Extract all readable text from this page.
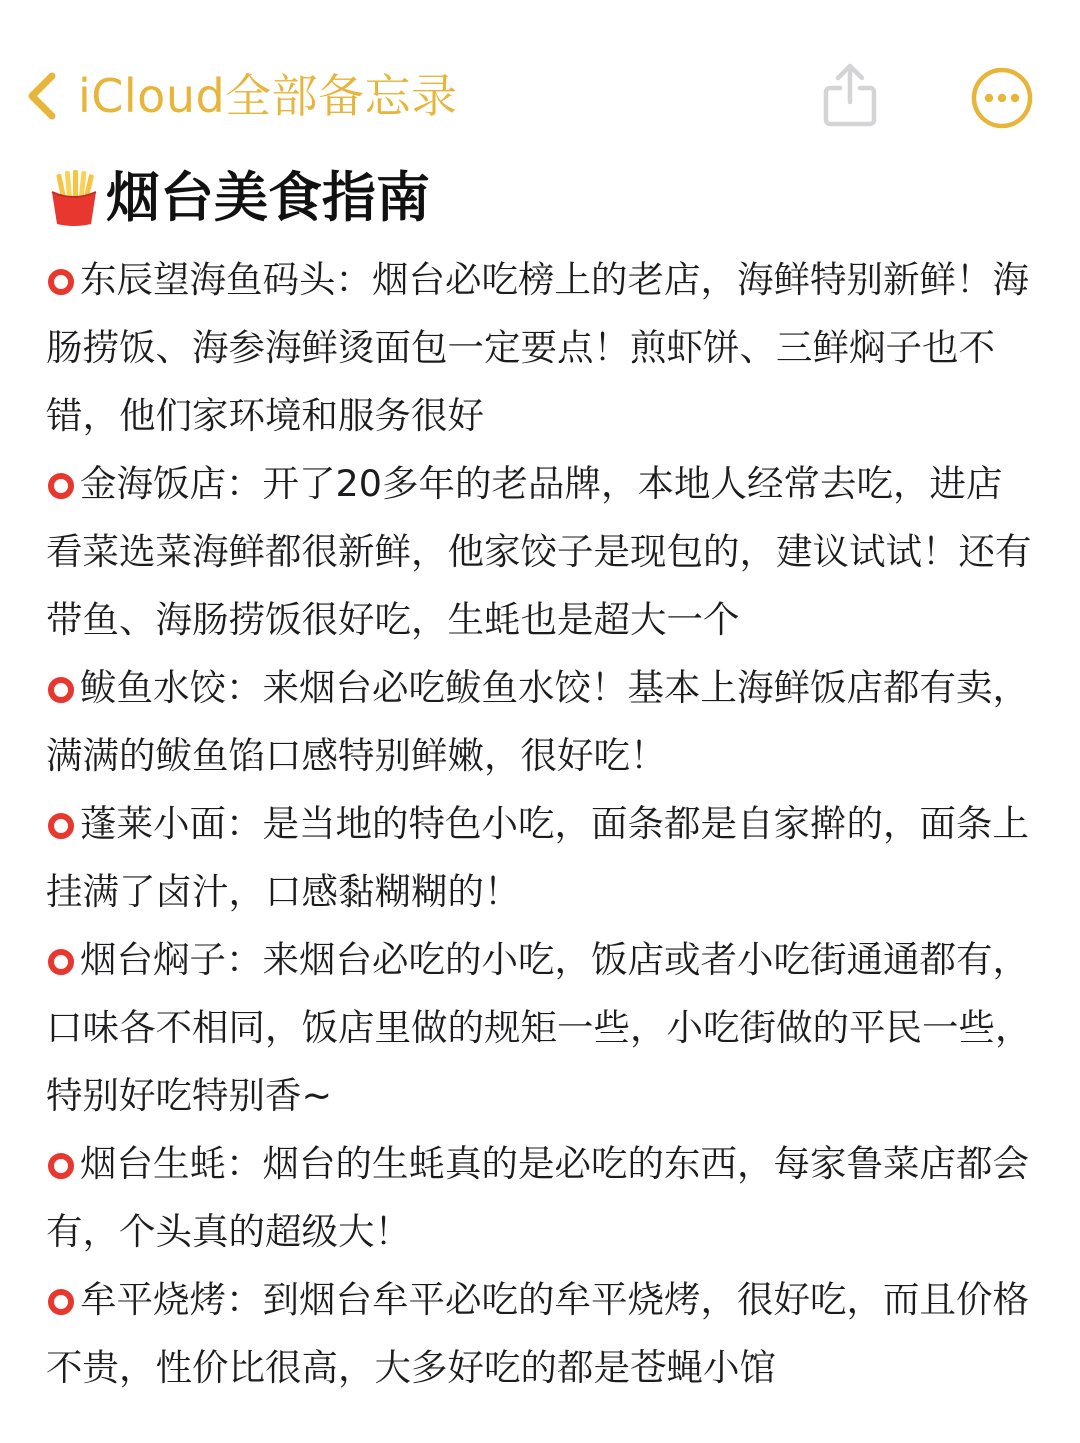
iCloud全部备忘录
烟台美食指南

东辰望海鱼码头：烟台必吃榜上的老店，海鲜特别新鲜！海肠捞饭、海参海鲜烫面包一定要点！煎虾饼、三鲜焖子也不错，他们家环境和服务很好

金海饭店：开了20多年的老品牌，本地人经常去吃，进店看菜选菜海鲜都很新鲜，他家饺子是现包的，建议试试！还有带鱼、海肠捞饭很好吃，生蚝也是超大一个

鲅鱼水饺：来烟台必吃鲅鱼水饺！基本上海鲜饭店都有卖，满满的鲅鱼馅口感特别鲜嫩，很好吃！

蓬莱小面：是当地的特色小吃，面条都是自家擀的，面条上挂满了卤汁，口感黏糊糊的！

烟台焖子：来烟台必吃的小吃，饭店或者小吃街通通都有，口味各不相同，饭店里做的规矩一些，小吃街做的平民一些，特别好吃特别香~

烟台生蚝：烟台的生蚝真的是必吃的东西，每家鲁菜店都会有，个头真的超级大！

牟平烧烤：到烟台牟平必吃的牟平烧烤，很好吃，而且价格不贵，性价比很高，大多好吃的都是苍蝇小馆
